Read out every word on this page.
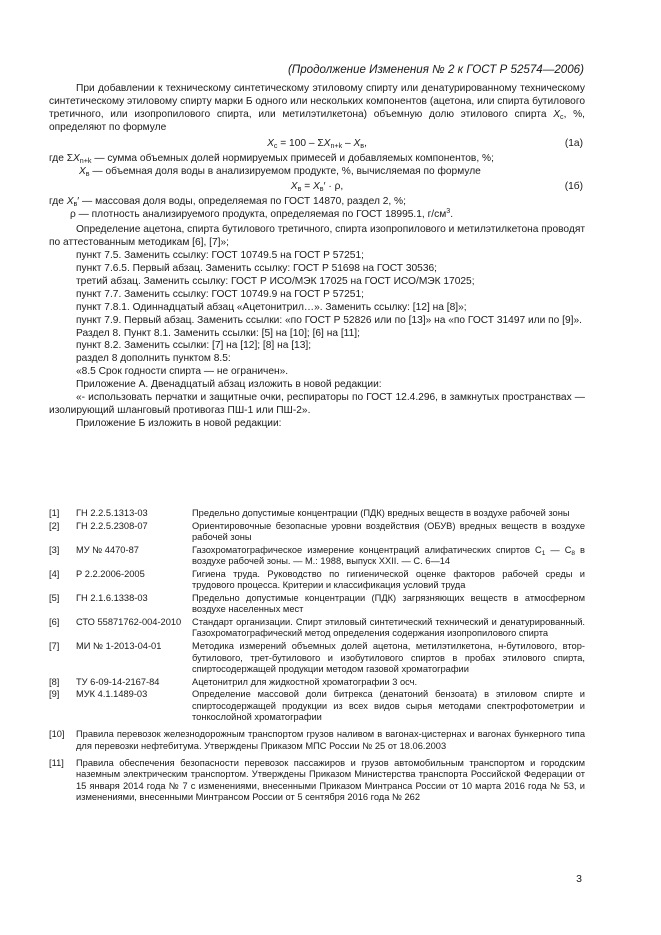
(Продолжение Изменения № 2 к ГОСТ Р 52574—2006)

При добавлении к техническому синтетическому этиловому спирту или денатурированному техническому синтетическому этиловому спирту марки Б одного или нескольких компонентов (ацетона, или спирта бутилового третичного, или изопропилового спирта, или метилэтилкетона) объемную долю этилового спирта $X_c$, %, определяют по формуле

$X_c = 100 - \Sigma X_{n+k} - X_в$,	(1а)

где $\Sigma X_{n+k}$ — сумма объемных долей нормируемых примесей и добавляемых компонентов, %;

$X_в$ — объемная доля воды в анализируемом продукте, %, вычисляемая по формуле

$X_в = X_в' \cdot \rho$,	(1б)

где $X_в'$ — массовая доля воды, определяемая по ГОСТ 14870, раздел 2, %;

ρ — плотность анализируемого продукта, определяемая по ГОСТ 18995.1, $г/см^3$.

Определение ацетона, спирта бутилового третичного, спирта изопропилового и метилэтилкетона проводят по аттестованным методикам [6], [7]»;

пункт 7.5. Заменить ссылку: ГОСТ 10749.5 на ГОСТ Р 57251;

пункт 7.6.5. Первый абзац. Заменить ссылку: ГОСТ Р 51698 на ГОСТ 30536;

третий абзац. Заменить ссылку: ГОСТ Р ИСО/МЭК 17025 на ГОСТ ИСО/МЭК 17025;

пункт 7.7. Заменить ссылку: ГОСТ 10749.9 на ГОСТ Р 57251;

пункт 7.8.1. Одиннадцатый абзац «Ацетонитрил…». Заменить ссылку: [12] на [8]»;

пункт 7.9. Первый абзац. Заменить ссылки: «по ГОСТ Р 52826 или по [13]» на «по ГОСТ 31497 или по [9]».

Раздел 8. Пункт 8.1. Заменить ссылки: [5] на [10]; [6] на [11];

пункт 8.2. Заменить ссылки: [7] на [12]; [8] на [13];

раздел 8 дополнить пунктом 8.5:

«8.5 Срок годности спирта — не ограничен».

Приложение А. Двенадцатый абзац изложить в новой редакции:

«- использовать перчатки и защитные очки, респираторы по ГОСТ 12.4.296, в замкнутых пространствах — изолирующий шланговый противогаз ПШ-1 или ПШ-2».

Приложение Б изложить в новой редакции:

[1]	ГН 2.2.5.1313-03	Предельно допустимые концентрации (ПДК) вредных веществ в воздухе рабочей зоны
[2]	ГН 2.2.5.2308-07	Ориентировочные безопасные уровни воздействия (ОБУВ) вредных веществ в воздухе рабочей зоны
[3]	МУ № 4470-87	Газохроматографическое измерение концентраций алифатических спиртов $С_1$ — $С_8$ в воздухе рабочей зоны. — М.: 1988, выпуск XXII. — С. 6—14
[4]	Р 2.2.2006-2005	Гигиена труда. Руководство по гигиенической оценке факторов рабочей среды и трудового процесса. Критерии и классификация условий труда
[5]	ГН 2.1.6.1338-03	Предельно допустимые концентрации (ПДК) загрязняющих веществ в атмосферном воздухе населенных мест
[6]	СТО 55871762-004-2010	Стандарт организации. Спирт этиловый синтетический технический и денатурированный. Газохроматографический метод определения содержания изопропилового спирта
[7]	МИ № 1-2013-04-01	Методика измерений объемных долей ацетона, метилэтилкетона, н-бутилового, втор-бутилового, трет-бутилового и изобутилового спиртов в пробах этилового спирта, спиртосодержащей продукции методом газовой хроматографии
[8]	ТУ 6-09-14-2167-84	Ацетонитрил для жидкостной хроматографии 3 осч.
[9]	МУК 4.1.1489-03	Определение массовой доли битрекса (денатоний бензоата) в этиловом спирте и спиртосодержащей продукции из всех видов сырья методами спектрофотометрии и тонкослойной хроматографии
[10]	Правила перевозок железнодорожным транспортом грузов наливом в вагонах-цистернах и вагонах бункерного типа для перевозки нефтебитума. Утверждены Приказом МПС России № 25 от 18.06.2003
[11]	Правила обеспечения безопасности перевозок пассажиров и грузов автомобильным транспортом и городским наземным электрическим транспортом. Утверждены Приказом Министерства транспорта Российской Федерации от 15 января 2014 года № 7 с изменениями, внесенными Приказом Минтранса России от 10 марта 2016 года № 53, и изменениями, внесенными Минтрансом России от 5 сентября 2016 года № 262
3
